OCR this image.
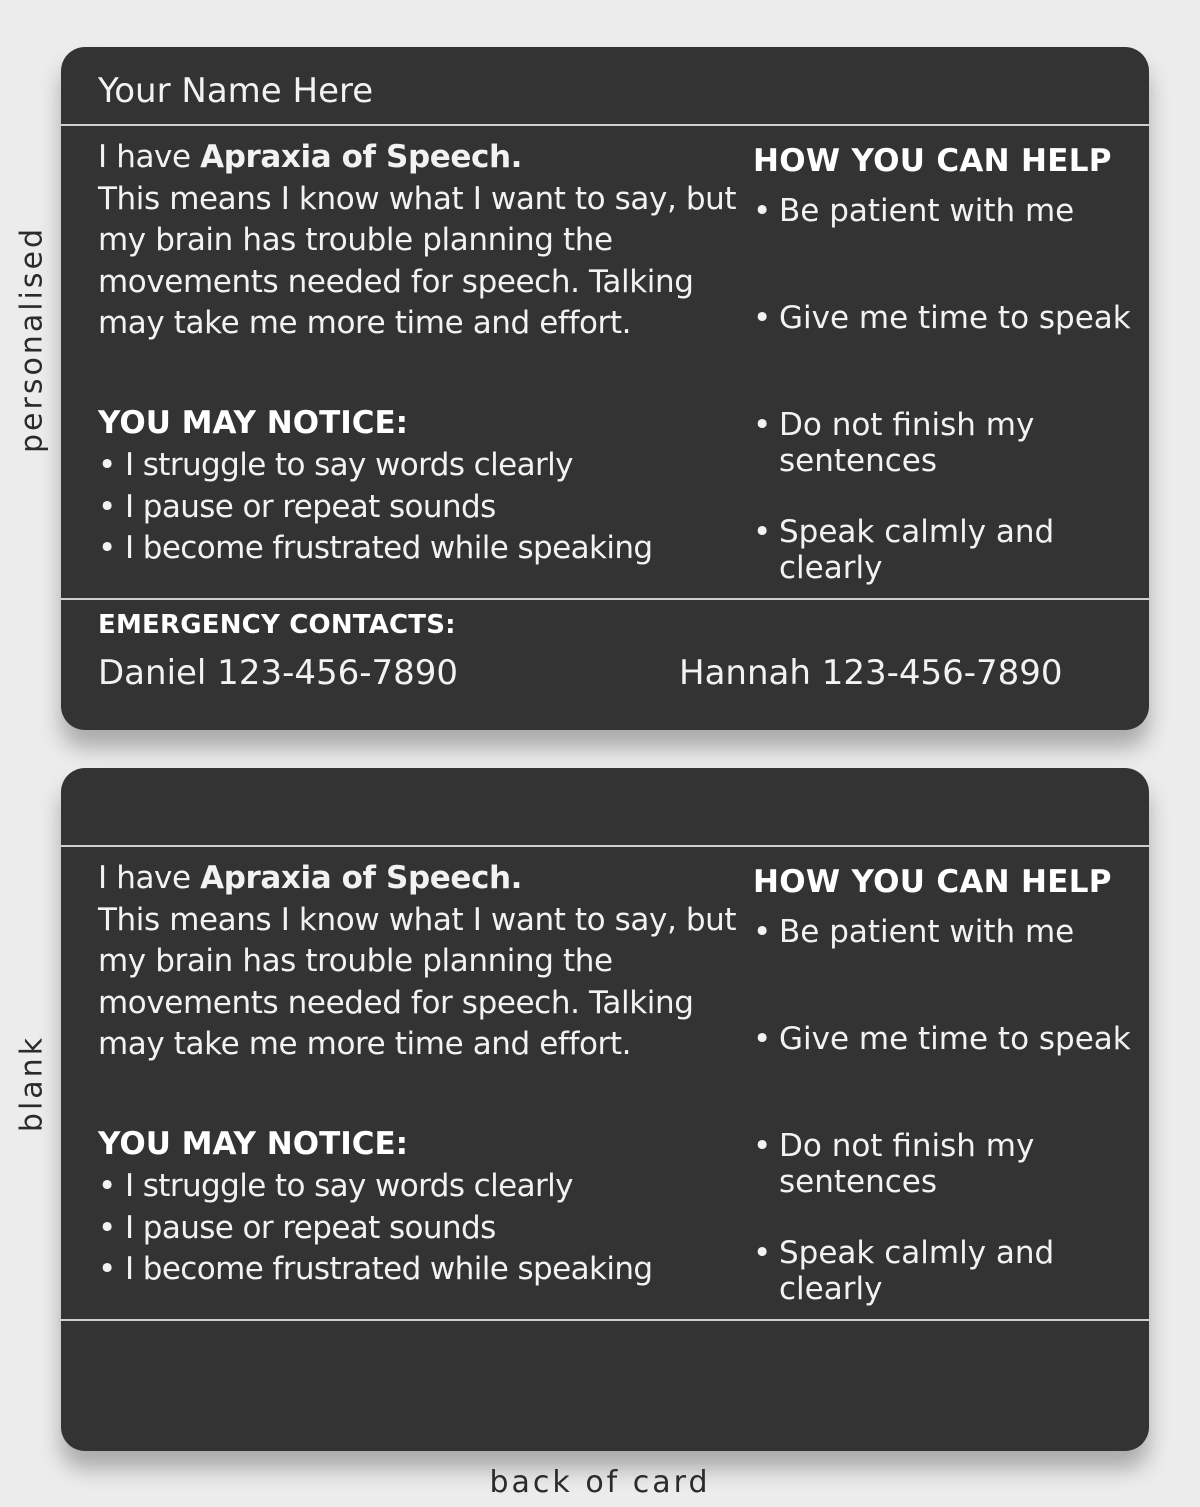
personalised
blank
Your Name Here
I have Apraxia of Speech.
This means I know what I want to say, but my brain has trouble planning the movements needed for speech. Talking may take me more time and effort.
YOU MAY NOTICE:
• I struggle to say words clearly
• I pause or repeat sounds
• I become frustrated while speaking
HOW YOU CAN HELP
• Be patient with me
• Give me time to speak
• Do not finish my sentences
• Speak calmly and clearly
EMERGENCY CONTACTS:
Daniel 123-456-7890	Hannah 123-456-7890
I have Apraxia of Speech.
This means I know what I want to say, but my brain has trouble planning the movements needed for speech. Talking may take me more time and effort.
YOU MAY NOTICE:
• I struggle to say words clearly
• I pause or repeat sounds
• I become frustrated while speaking
HOW YOU CAN HELP
• Be patient with me
• Give me time to speak
• Do not finish my sentences
• Speak calmly and clearly
back of card
